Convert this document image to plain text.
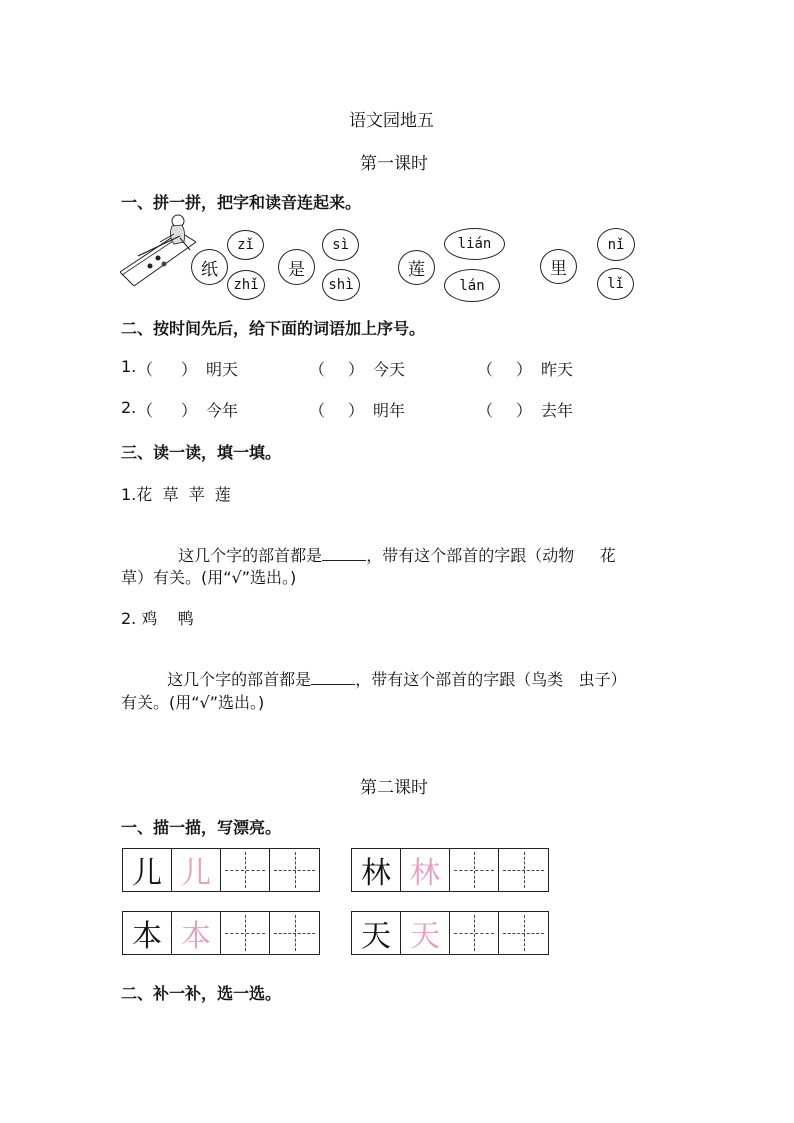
语文园地五
第一课时
一、拼一拼，把字和读音连起来。
纸
zǐ
zhǐ
是
sì
shì
莲
lián
lán
里
nǐ
lǐ
二、按时间先后，给下面的词语加上序号。
1. （ ） 明天	（ ） 今天	（ ） 昨天
2. （ ） 今年	（ ） 明年	（ ） 去年
三、读一读，填一填。
1.花  草  苹  莲

这几个字的部首都是	，带有这个部首的字跟（动物     花

草）有关。(用“√”选出。)
2. 鸡    鸭

这几个字的部首都是	，带有这个部首的字跟（鸟类   虫子）

有关。(用“√”选出。)
第二课时
一、描一描，写漂亮。
儿 儿	林 林
本 本	天 天
二、补一补，选一选。
